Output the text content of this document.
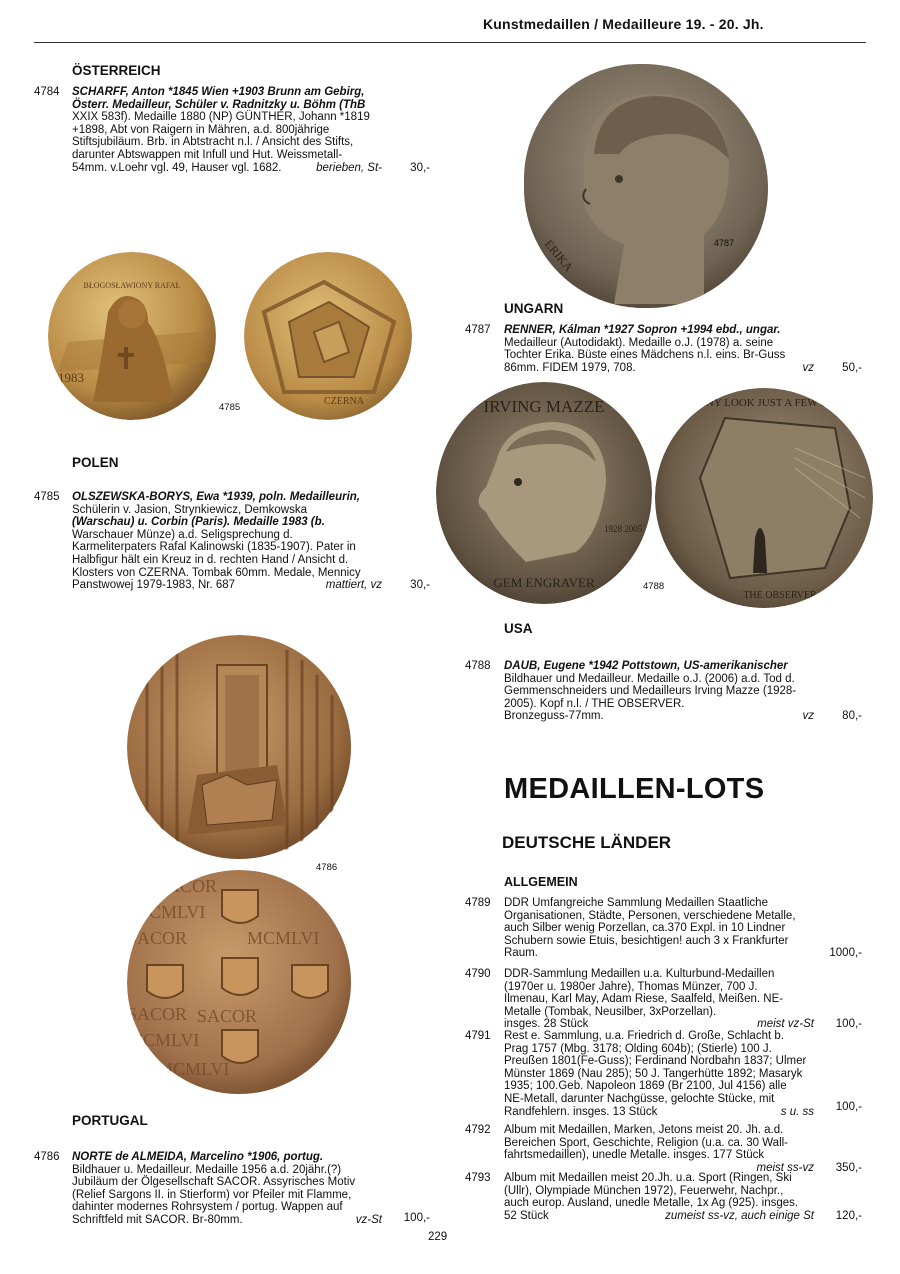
Kunstmedaillen / Medailleure 19. - 20. Jh.
ÖSTERREICH
4784 SCHARFF, Anton *1845 Wien +1903 Brunn am Gebirg,
Österr. Medailleur, Schüler v. Radnitzky u. Böhm (ThB
XXIX 583f). Medaille 1880 (NP) GÜNTHER, Johann *1819
+1898, Abt von Raigern in Mähren, a.d. 800jährige
Stiftsjubiläum. Brb. in Abtstracht n.l. / Ansicht des Stifts,
darunter Abtswappen mit Infull und Hut. Weissmetall-
54mm. v.Loehr vgl. 49, Hauser vgl. 1682.	berieben, St-	30,-
BŁOGOSŁAWIONY RAFAŁ
1983
CZERNA
4785
POLEN
4785 OLSZEWSKA-BORYS, Ewa *1939, poln. Medailleurin,
Schülerin v. Jasion, Strynkiewicz, Demkowska
(Warschau) u. Corbin (Paris). Medaille 1983 (b.
Warschauer Münze) a.d. Seligsprechung d.
Karmeliterpaters Rafal Kalinowski (1835-1907). Pater in
Halbfigur hält ein Kreuz in d. rechten Hand / Ansicht d.
Klosters von CZERNA. Tombak 60mm. Medale, Mennicy
Panstwowej 1979-1983, Nr. 687	mattiert, vz	30,-
4786
SACOR
MCMLVI
SACOR	MCMLVI
SACOR
MCMLVI
SACOR
MCMLVI
PORTUGAL
4786 NORTE de ALMEIDA, Marcelino *1906, portug.
Bildhauer u. Medailleur. Medaille 1956 a.d. 20jähr.(?)
Jubiläum der Ölgesellschaft SACOR. Assyrisches Motiv
(Relief Sargons II. in Stierform) vor Pfeiler mit Flamme,
dahinter modernes Rohrsystem / portug. Wappen auf
Schriftfeld mit SACOR. Br-80mm.	vz-St	100,-
ERIKA	4787
UNGARN
4787 RENNER, Kálman *1927 Sopron +1994 ebd., ungar.
Medailleur (Autodidakt). Medaille o.J. (1978) a. seine
Tochter Erika. Büste eines Mädchens n.l. eins. Br-Guss
86mm. FIDEM 1979, 708.	vz	50,-
IRVING MAZZE
GEM ENGRAVER
1928 2005
MANY LOOK JUST A FEW SEE
THE OBSERVER
4788
USA
4788 DAUB, Eugene *1942 Pottstown, US-amerikanischer
Bildhauer und Medailleur. Medaille o.J. (2006) a.d. Tod d.
Gemmenschneiders und Medailleurs Irving Mazze (1928-
2005). Kopf n.l. / THE OBSERVER.
Bronzeguss-77mm.	vz	80,-
MEDAILLEN-LOTS
DEUTSCHE LÄNDER
ALLGEMEIN
4789 DDR Umfangreiche Sammlung Medaillen Staatliche
Organisationen, Städte, Personen, verschiedene Metalle,
auch Silber wenig Porzellan, ca.370 Expl. in 10 Lindner
Schubern sowie Etuis, besichtigen! auch 3 x Frankfurter
Raum.	1000,-
4790 DDR-Sammlung Medaillen u.a. Kulturbund-Medaillen
(1970er u. 1980er Jahre), Thomas Münzer, 700 J.
Ilmenau, Karl May, Adam Riese, Saalfeld, Meißen. NE-
Metalle (Tombak, Neusilber, 3xPorzellan).
insges. 28 Stück	meist vz-St	100,-
4791 Rest e. Sammlung, u.a. Friedrich d. Große, Schlacht b.
Prag 1757 (Mbg. 3178; Olding 604b); (Stierle) 100 J.
Preußen 1801(Fe-Guss); Ferdinand Nordbahn 1837; Ulmer
Münster 1869 (Nau 285); 50 J. Tangerhütte 1892; Masaryk
1935; 100.Geb. Napoleon 1869 (Br 2100, Jul 4156) alle
NE-Metall, darunter Nachgüsse, gelochte Stücke, mit
Randfehlern. insges. 13 Stück	s u. ss	100,-
4792 Album mit Medaillen, Marken, Jetons meist 20. Jh. a.d.
Bereichen Sport, Geschichte, Religion (u.a. ca. 30 Wall-
fahrtsmedaillen), unedle Metalle. insges. 177 Stück
meist ss-vz	350,-
4793 Album mit Medaillen meist 20.Jh. u.a. Sport (Ringen, Ski
(Ullr), Olympiade München 1972), Feuerwehr, Nachpr.,
auch europ. Ausland, unedle Metalle, 1x Ag (925). insges.
52 Stück	zumeist ss-vz, auch einige St	120,-
229
